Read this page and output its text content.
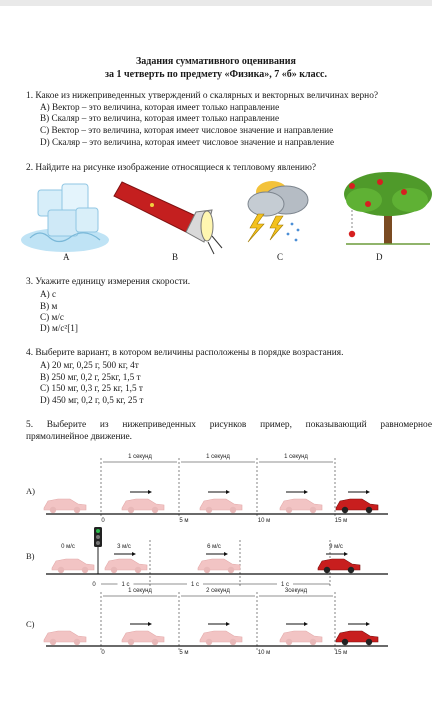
Задания суммативного оценивания
за 1 четверть по предмету «Физика», 7 «б» класс.
1. Какое из нижеприведенных утверждений о скалярных и векторных величинах верно?
A) Вектор – это величина, которая имеет только направление
B) Скаляр – это величина, которая имеет только направление
C) Вектор – это величина, которая имеет числовое значение и направление
D) Скаляр – это величина, которая имеет числовое значение и направление
2. Найдите на рисунке изображение относящиеся к тепловому явлению?
A	B	C	D
3. Укажите единицу измерения скорости.
A) с
B) м
C) м/с
D) м/с²[1]
4. Выберите вариант, в котором величины расположены в порядке возрастания.
A) 20 мг, 0,25 г, 500 кг, 4т
B) 250 мг, 0,2 г, 25кг, 1,5 т
C) 150 мг, 0,3 г, 25 кг, 1,5 т
D) 450 мг, 0,2 г, 0,5 кг, 25 т
5. Выберите из нижеприведенных рисунков пример, показывающий равномерное
прямолинейное движение.
A)
B)
C)
1 секунд	1 секунд	1 секунд
0	5 м	10 м	15 м
0 м/с	3 м/с	6 м/с	9 м/с
0	1 с	1 с	1 с
1 секунд	2 секунд	3секунд
0	5 м	10 м	15 м
